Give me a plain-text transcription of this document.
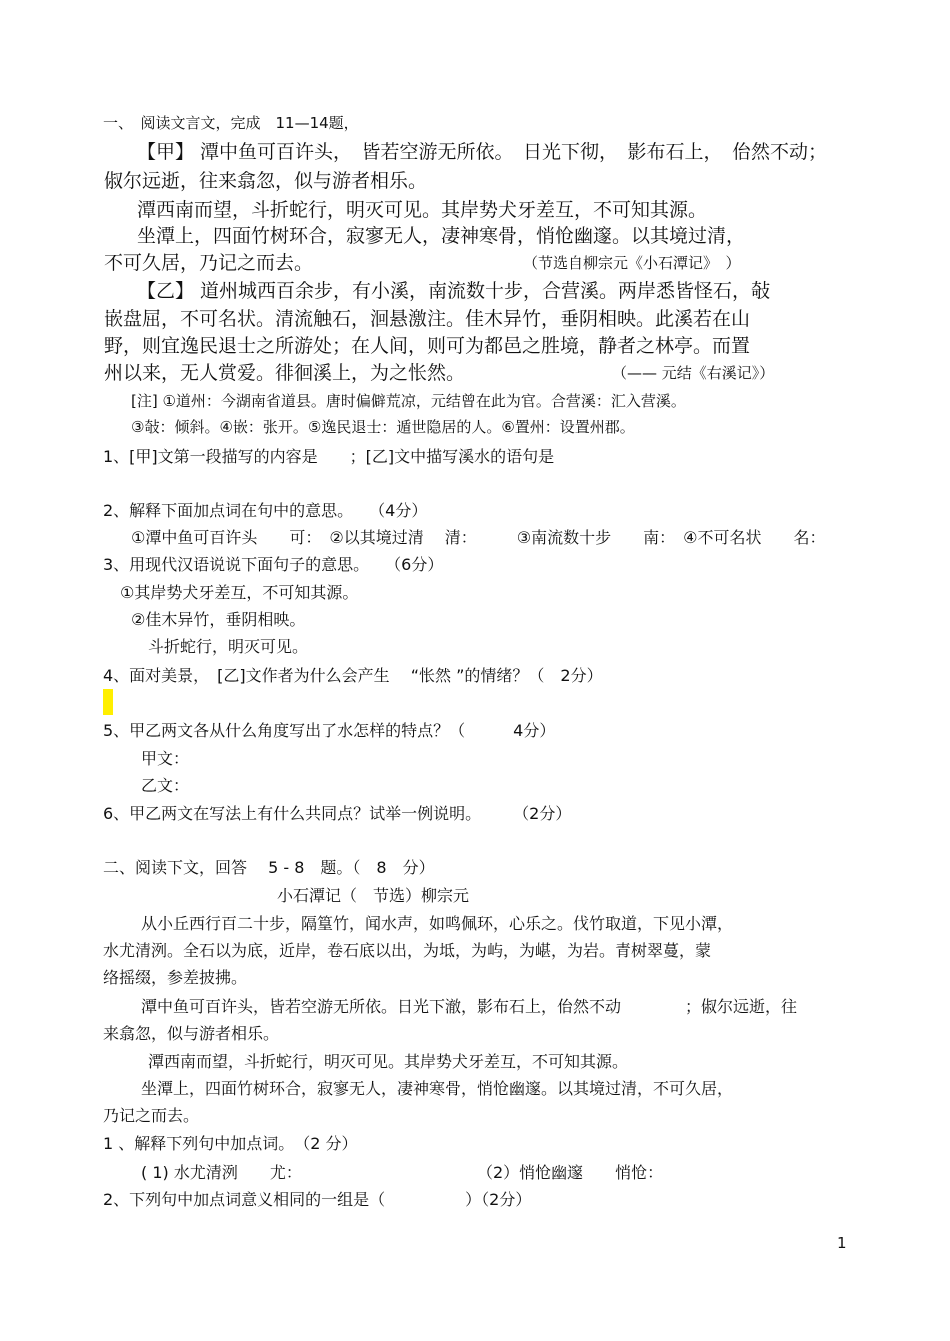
一、　阅读文言文，完成　11—14题，
【甲】 潭中鱼可百许头，　皆若空游无所依。　日光下彻，　影布石上，　佁然不动；
俶尔远逝，往来翕忽，似与游者相乐。
潭西南而望，斗折蛇行，明灭可见。其岸势犬牙差互，不可知其源。
坐潭上，四面竹树环合，寂寥无人，凄神寒骨，悄怆幽邃。以其境过清，
不可久居，乃记之而去。	（节选自柳宗元《小石潭记》　）
【乙】 道州城西百余步，有小溪，南流数十步，合营溪。两岸悉皆怪石，敧
嵌盘屈，不可名状。清流触石，洄悬激注。佳木异竹，垂阴相映。此溪若在山
野，则宜逸民退士之所游处；在人间，则可为都邑之胜境，静者之林亭。而置
州以来，无人赏爱。徘徊溪上，为之怅然。	（—— 元结《右溪记》）
[注] ①道州：今湖南省道县。唐时偏僻荒凉，元结曾在此为官。合营溪：汇入营溪。
③敧：倾斜。④嵌：张开。⑤逸民退士：遁世隐居的人。⑥置州：设置州郡。
1、[甲]文第一段描写的内容是　　；[乙]文中描写溪水的语句是
2、解释下面加点词在句中的意思。　　（4分）
①潭中鱼可百许头　　可：　②以其境过清　 清：　　　③南流数十步　　南：　④不可名状　　名：
3、用现代汉语说说下面句子的意思。　　（6分）
①其岸势犬牙差互，不可知其源。
②佳木异竹，垂阴相映。
斗折蛇行，明灭可见。
4、面对美景，　[乙]文作者为什么会产生　 “怅然 ”的情绪？（　2分）
5、甲乙两文各从什么角度写出了水怎样的特点？（　　　4分）
甲文：
乙文：
6、甲乙两文在写法上有什么共同点？试举一例说明。　　　（2分）
二、阅读下文，回答　 5 - 8　题。（　8　分）
小石潭记（　节选）柳宗元
从小丘西行百二十步，隔篁竹，闻水声，如鸣佩环，心乐之。伐竹取道，下见小潭，
水尤清洌。全石以为底，近岸，卷石底以出，为坻，为屿，为嵁，为岩。青树翠蔓，蒙
络摇缀，参差披拂。
潭中鱼可百许头，皆若空游无所依。日光下澈，影布石上，佁然不动　　　　；俶尔远逝，往
来翕忽，似与游者相乐。
潭西南而望，斗折蛇行，明灭可见。其岸势犬牙差互，不可知其源。
坐潭上，四面竹树环合，寂寥无人，凄神寒骨，悄怆幽邃。以其境过清，不可久居，
乃记之而去。
1 、解释下列句中加点词。　（2 分）
( 1) 水尤清洌　　尤：	（2）悄怆幽邃　　悄怆：
2、下列句中加点词意义相同的一组是（　　　　　）（2分）
1
